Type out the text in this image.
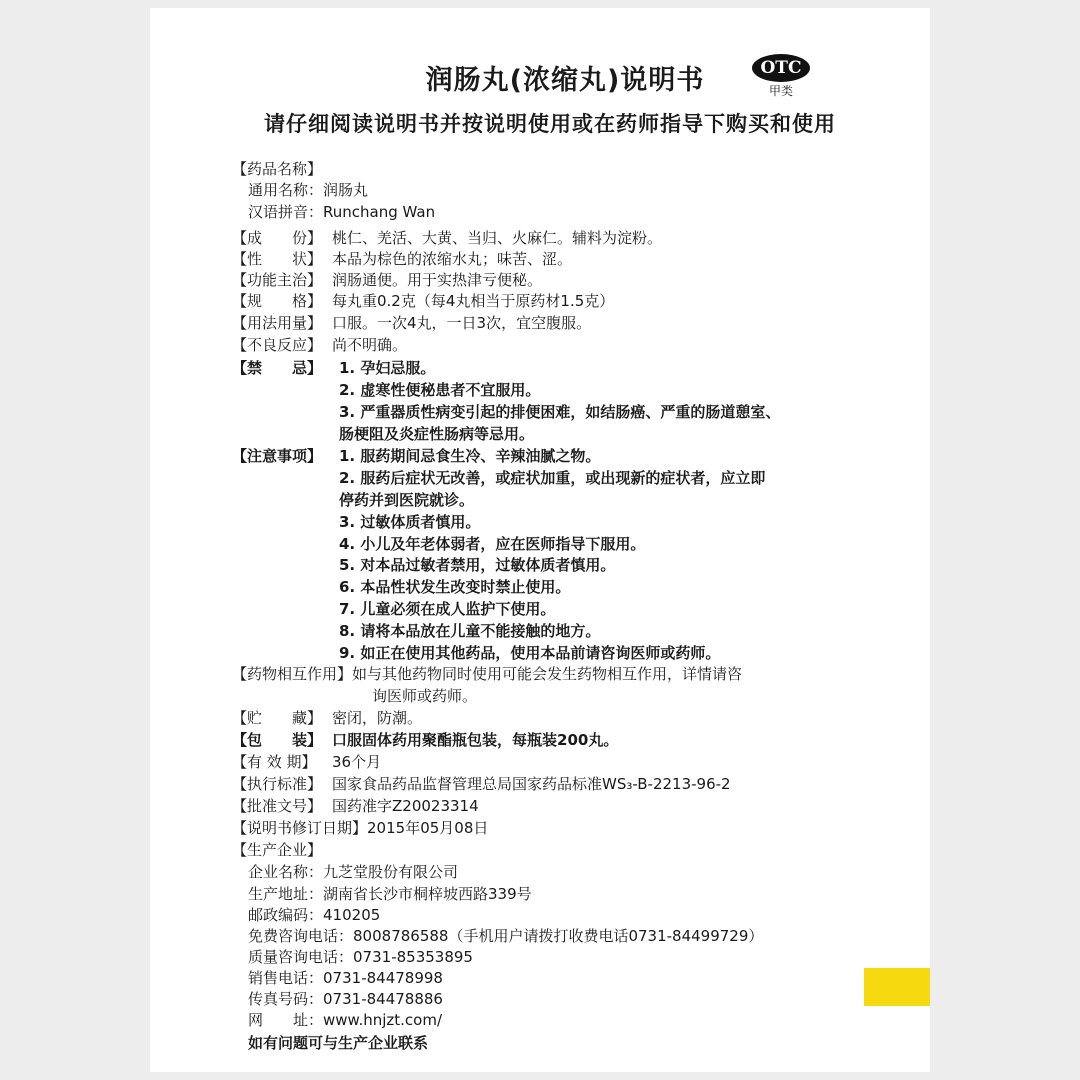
润肠丸(浓缩丸)说明书	OTC
甲类
请仔细阅读说明书并按说明使用或在药师指导下购买和使用
【药品名称】
通用名称：润肠丸
汉语拼音：Runchang Wan
【成　　份】 桃仁、羌活、大黄、当归、火麻仁。辅料为淀粉。
【性　　状】 本品为棕色的浓缩水丸；味苦、涩。
【功能主治】 润肠通便。用于实热津亏便秘。
【规　　格】 每丸重0.2克（每4丸相当于原药材1.5克）
【用法用量】 口服。一次4丸，一日3次，宜空腹服。
【不良反应】 尚不明确。
【禁　　忌】 1. 孕妇忌服。
2. 虚寒性便秘患者不宜服用。
3. 严重器质性病变引起的排便困难，如结肠癌、严重的肠道憩室、
肠梗阻及炎症性肠病等忌用。
【注意事项】 1. 服药期间忌食生冷、辛辣油腻之物。
2. 服药后症状无改善，或症状加重，或出现新的症状者，应立即
停药并到医院就诊。
3. 过敏体质者慎用。
4. 小儿及年老体弱者，应在医师指导下服用。
5. 对本品过敏者禁用，过敏体质者慎用。
6. 本品性状发生改变时禁止使用。
7. 儿童必须在成人监护下使用。
8. 请将本品放在儿童不能接触的地方。
9. 如正在使用其他药品，使用本品前请咨询医师或药师。
【药物相互作用】如与其他药物同时使用可能会发生药物相互作用，详情请咨
询医师或药师。
【贮　　藏】 密闭，防潮。
【包　　装】 口服固体药用聚酯瓶包装，每瓶装200丸。
【有 效 期】 36个月
【执行标准】 国家食品药品监督管理总局国家药品标准WS₃-B-2213-96-2
【批准文号】 国药准字Z20023314
【说明书修订日期】2015年05月08日
【生产企业】
企业名称：九芝堂股份有限公司
生产地址：湖南省长沙市桐梓坡西路339号
邮政编码：410205
免费咨询电话：8008786588（手机用户请拨打收费电话0731-84499729）
质量咨询电话：0731-85353895
销售电话：0731-84478998
传真号码：0731-84478886
网　　址：www.hnjzt.com/
如有问题可与生产企业联系
